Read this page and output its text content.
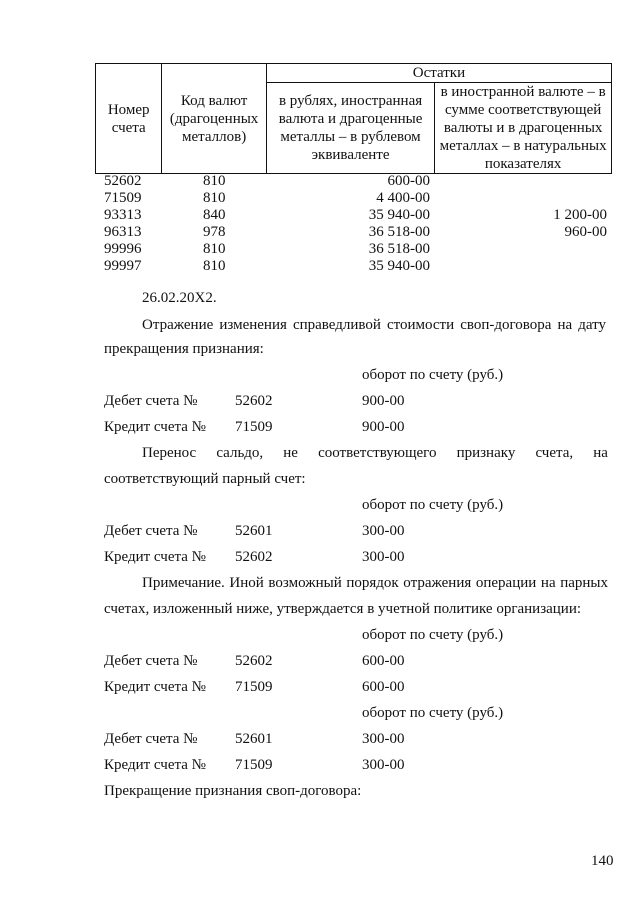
Номер счета	Код валют (драгоценных металлов)	Остатки	
		в рублях, иностранная валюта и драгоценные металлы – в рублевом эквиваленте	в иностранной валюте – в сумме соответствующей валюты и в драгоценных металлах – в натуральных показателях
52602	810	600-00
71509	810	4 400-00
93313	840	35 940-00	1 200-00
96313	978	36 518-00	960-00
99996	810	36 518-00
99997	810	35 940-00
26.02.20X2.
Отражение изменения справедливой стоимости своп-договора на дату
прекращения признания:
оборот по счету (руб.)
Дебет счета №	52602	900-00
Кредит счета № 71509	900-00
Перенос сальдо, не соответствующего признаку счета, на
соответствующий парный счет:
оборот по счету (руб.)
Дебет счета №	52601	300-00
Кредит счета № 52602	300-00
Примечание. Иной возможный порядок отражения операции на парных
счетах, изложенный ниже, утверждается в учетной политике организации:
оборот по счету (руб.)
Дебет счета №	52602	600-00
Кредит счета № 71509	600-00
оборот по счету (руб.)
Дебет счета №	52601	300-00
Кредит счета № 71509	300-00
Прекращение признания своп-договора:
140
